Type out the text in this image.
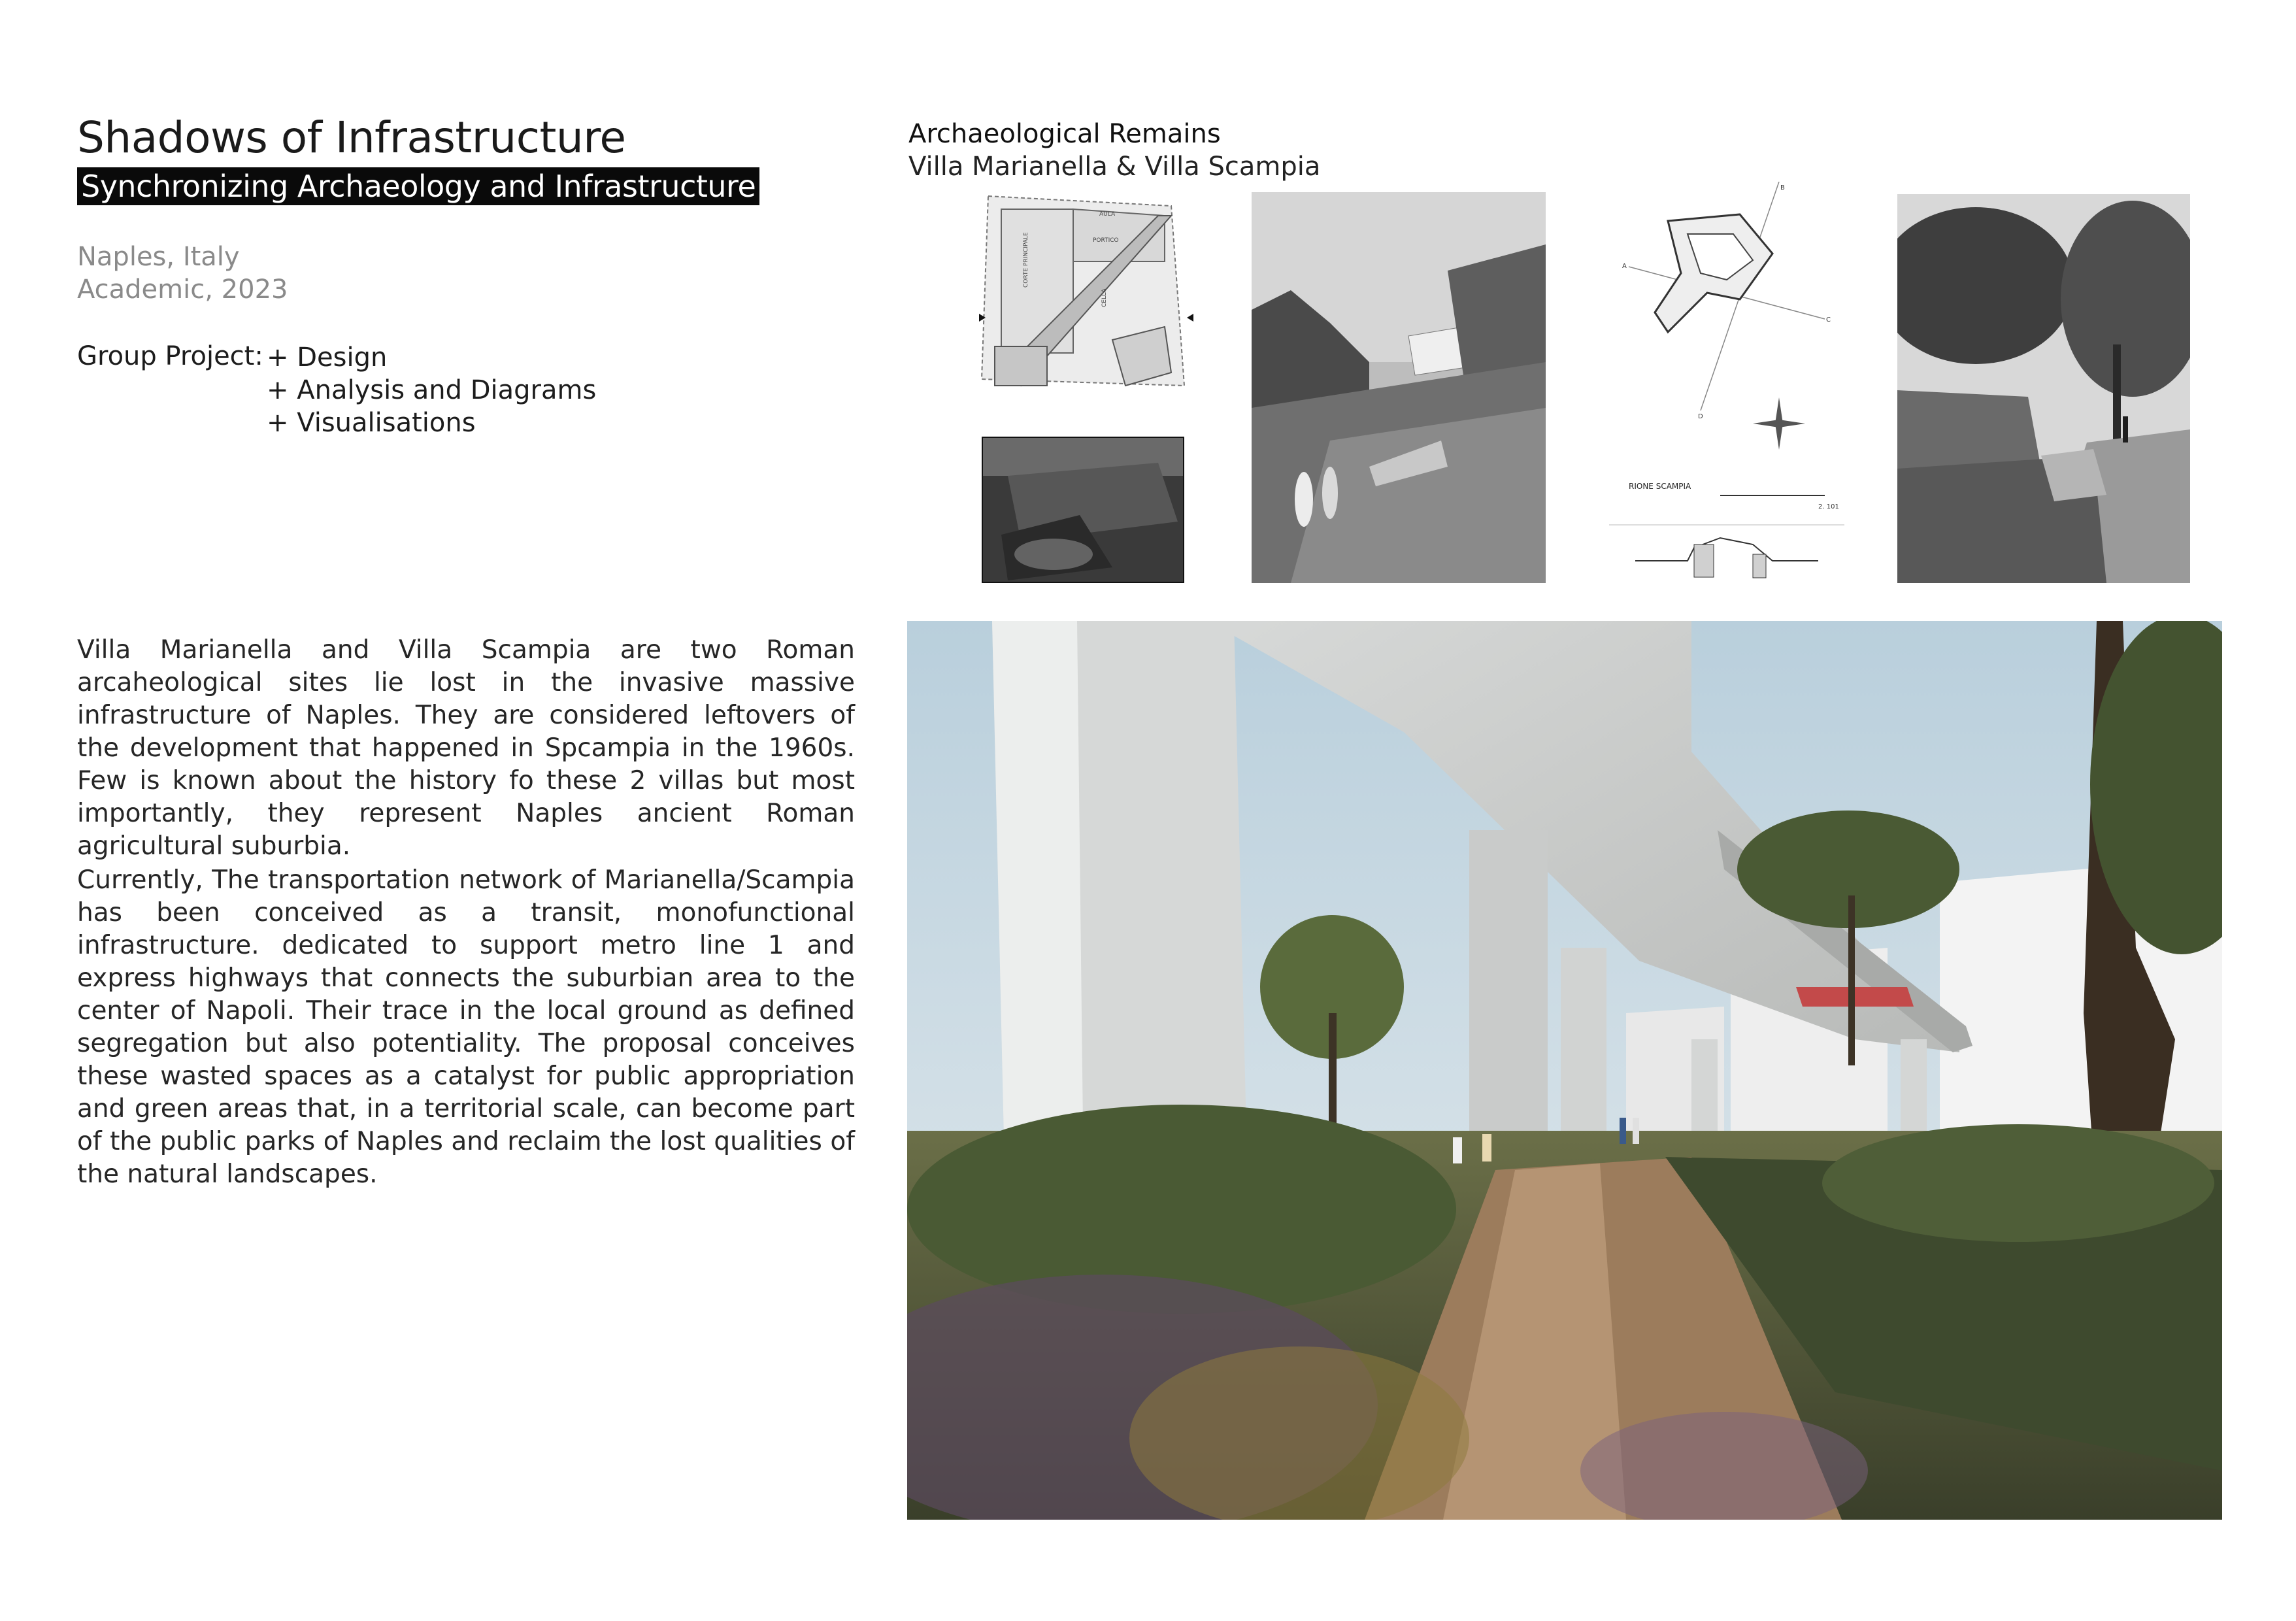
Shadows of Infrastructure
Synchronizing Archaeology and Infrastructure
Naples, Italy
Academic, 2023
Group Project: + Design
+ Analysis and Diagrams
+ Visualisations

Villa Marianella and Villa Scampia are two Roman arcaheological sites lie lost in the invasive massive infrastructure of Naples. They are considered leftovers of the development that happened in Spcampia in the 1960s. Few is known about the history fo these 2 villas but most importantly, they represent Naples ancient Roman agricultural suburbia.

Currently, The transportation network of Marianella/Scampia has been conceived as a transit, monofunctional infrastructure. dedicated to support metro line 1 and express highways that connects the suburbian area to the center of Napoli. Their trace in the local ground as defined segregation but also potentiality. The proposal conceives these wasted spaces as a catalyst for public appropriation and green areas that, in a territorial scale, can become part of the public parks of Naples and reclaim the lost qualities of the natural landscapes.

Archaeological Remains
Villa Marianella & Villa Scampia
PORTICO
CORTE PRINCIPALE
CELLA
AULA
RIONE SCAMPIA
A
B
C
D
2. 101
